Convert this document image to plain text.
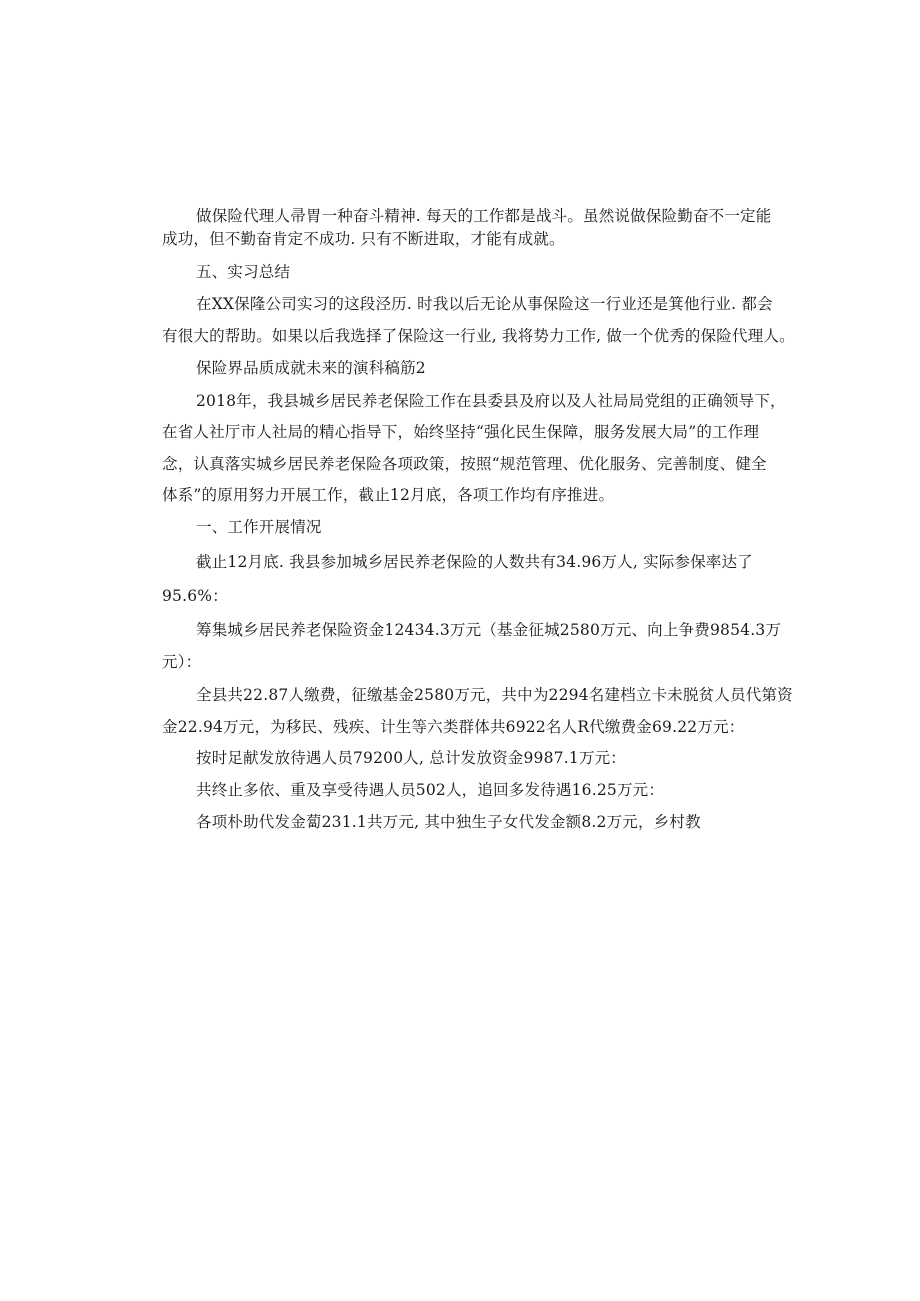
做保险代理人帚胃一种奋斗精神. 每天的工作都是战斗。虽然说做保险勤奋不一定能

成功，但不勤奋肯定不成功. 只有不断进取，才能有成就。

五、实习总结

在XX保隆公司实习的这段泾历. 时我以后无论从事保险这一行业还是箕他行业. 都会

有很大的帮助。如果以后我选择了保险这一行业, 我将势力工作, 做一个优秀的保险代理人。

保险界品质成就未来的演科稿筋2

2018年，我县城乡居民养老保险工作在县委县及府以及人社局局党组的正确领导下，

在省人社厅市人社局的精心指导下，始终坚持“强化民生保障，服务发展大局”的工作理

念，认真落实城乡居民养老保险各项政策，按照“规范管理、优化服务、完善制度、健全

体系”的原用努力开展工作，截止12月底，各项工作均有序推进。

一、工作开展情况

截止12月底. 我县参加城乡居民养老保险的人数共有34.96万人, 实际参保率达了

95.6%：

筹集城乡居民养老保险资金12434.3万元（基金征城2580万元、向上争费9854.3万

元）：

全县共22.87人缴费，征缴基金2580万元，共中为2294名建档立卡未脱贫人员代第资

金22.94万元，为移民、残疾、计生等六类群体共6922名人R代缴费金69.22万元：

按时足献发放待遇人员79200人, 总计发放资金9987.1万元：

共终止多依、重及享受待遇人员502人，追回多发待遇16.25万元：

各项朴助代发金蔔231.1共万元, 其中独生子女代发金额8.2万元，乡村教
